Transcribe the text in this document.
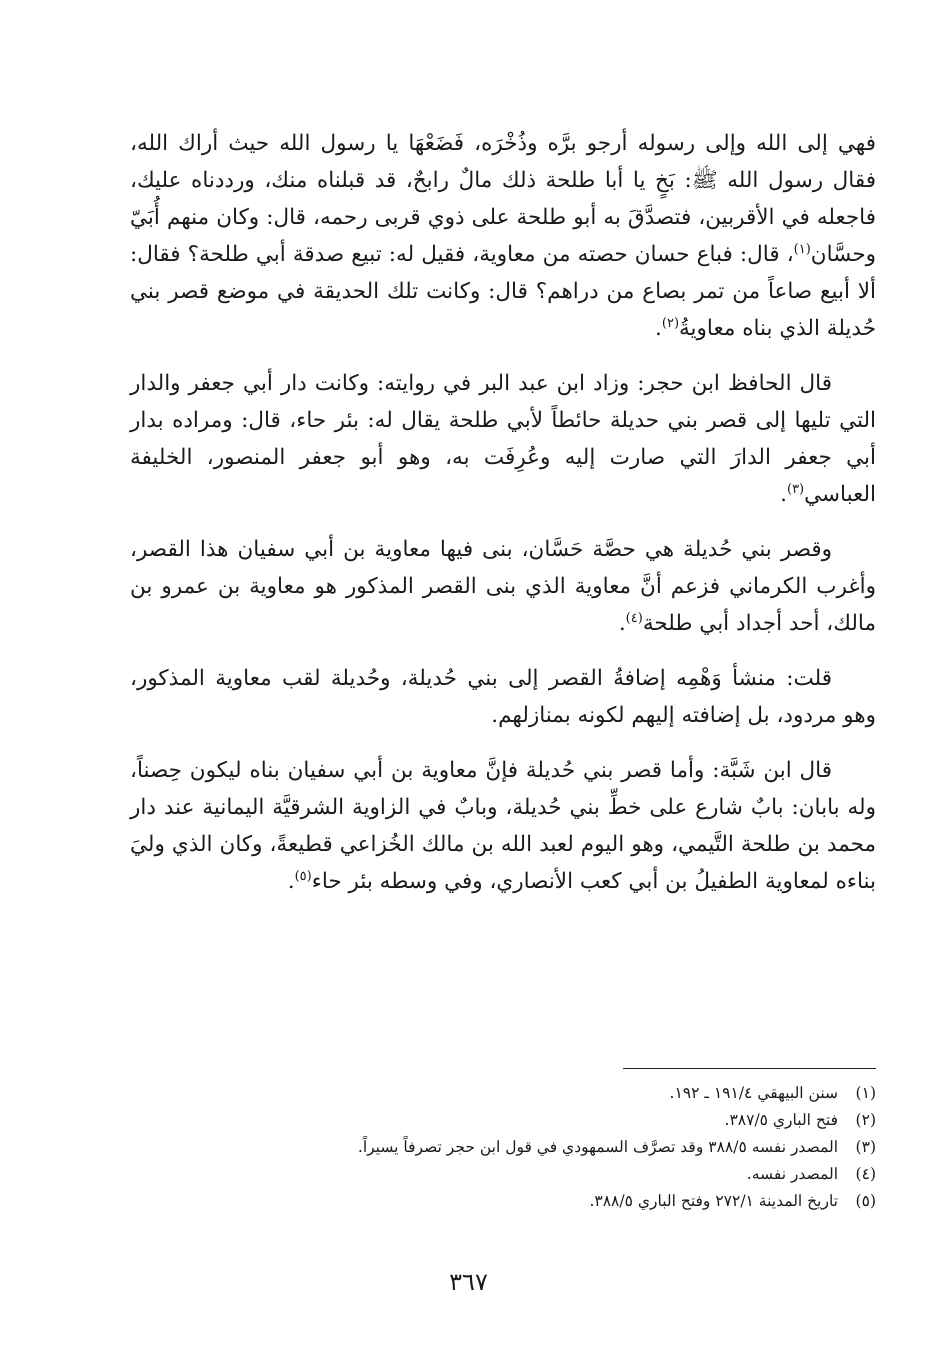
فهي إلى الله وإلى رسوله أرجو برَّه وذُخْرَه، فَضَعْهَا يا رسول الله حيث أراك الله، فقال رسول الله ﷺ: بَخٍ يا أبا طلحة ذلك مالٌ رابحٌ، قد قبلناه منك، ورددناه عليك، فاجعله في الأقربين، فتصدَّقَ به أبو طلحة على ذوي قربى رحمه، قال: وكان منهم أُبَيّ وحسَّان$^{(١)}$، قال: فباع حسان حصته من معاوية، فقيل له: تبيع صدقة أبي طلحة؟ فقال: ألا أبيع صاعاً من تمر بصاع من دراهم؟ قال: وكانت تلك الحديقة في موضع قصر بني حُديلة الذي بناه معاويةُ$^{(٢)}$.

قال الحافظ ابن حجر: وزاد ابن عبد البر في روايته: وكانت دار أبي جعفر والدار التي تليها إلى قصر بني حديلة حائطاً لأبي طلحة يقال له: بئر حاء، قال: ومراده بدار أبي جعفر الدارَ التي صارت إليه وعُرِفَت به، وهو أبو جعفر المنصور، الخليفة العباسي$^{(٣)}$.

وقصر بني حُديلة هي حصَّة حَسَّان، بنى فيها معاوية بن أبي سفيان هذا القصر، وأغرب الكرماني فزعم أنَّ معاوية الذي بنى القصر المذكور هو معاوية بن عمرو بن مالك، أحد أجداد أبي طلحة$^{(٤)}$.

قلت: منشأ وَهْمِه إضافةُ القصر إلى بني حُديلة، وحُديلة لقب معاوية المذكور، وهو مردود، بل إضافته إليهم لكونه بمنازلهم.

قال ابن شَبَّة: وأما قصر بني حُديلة فإنَّ معاوية بن أبي سفيان بناه ليكون حِصناً، وله بابان: بابٌ شارع على خطِّ بني حُديلة، وبابٌ في الزاوية الشرقيَّة اليمانية عند دار محمد بن طلحة التَّيمي، وهو اليوم لعبد الله بن مالك الخُزاعي قطيعةً، وكان الذي وليَ بناءه لمعاوية الطفيلُ بن أبي كعب الأنصاري، وفي وسطه بئر حاء$^{(٥)}$.

(١)
سنن البيهقي ١٩١/٤ ـ ١٩٢.
(٢)
فتح الباري ٣٨٧/٥.
(٣)
المصدر نفسه ٣٨٨/٥ وقد تصرَّف السمهودي في قول ابن حجر تصرفاً يسيراً.
(٤)
المصدر نفسه.
(٥)
تاريخ المدينة ٢٧٢/١ وفتح الباري ٣٨٨/٥.
٣٦٧
